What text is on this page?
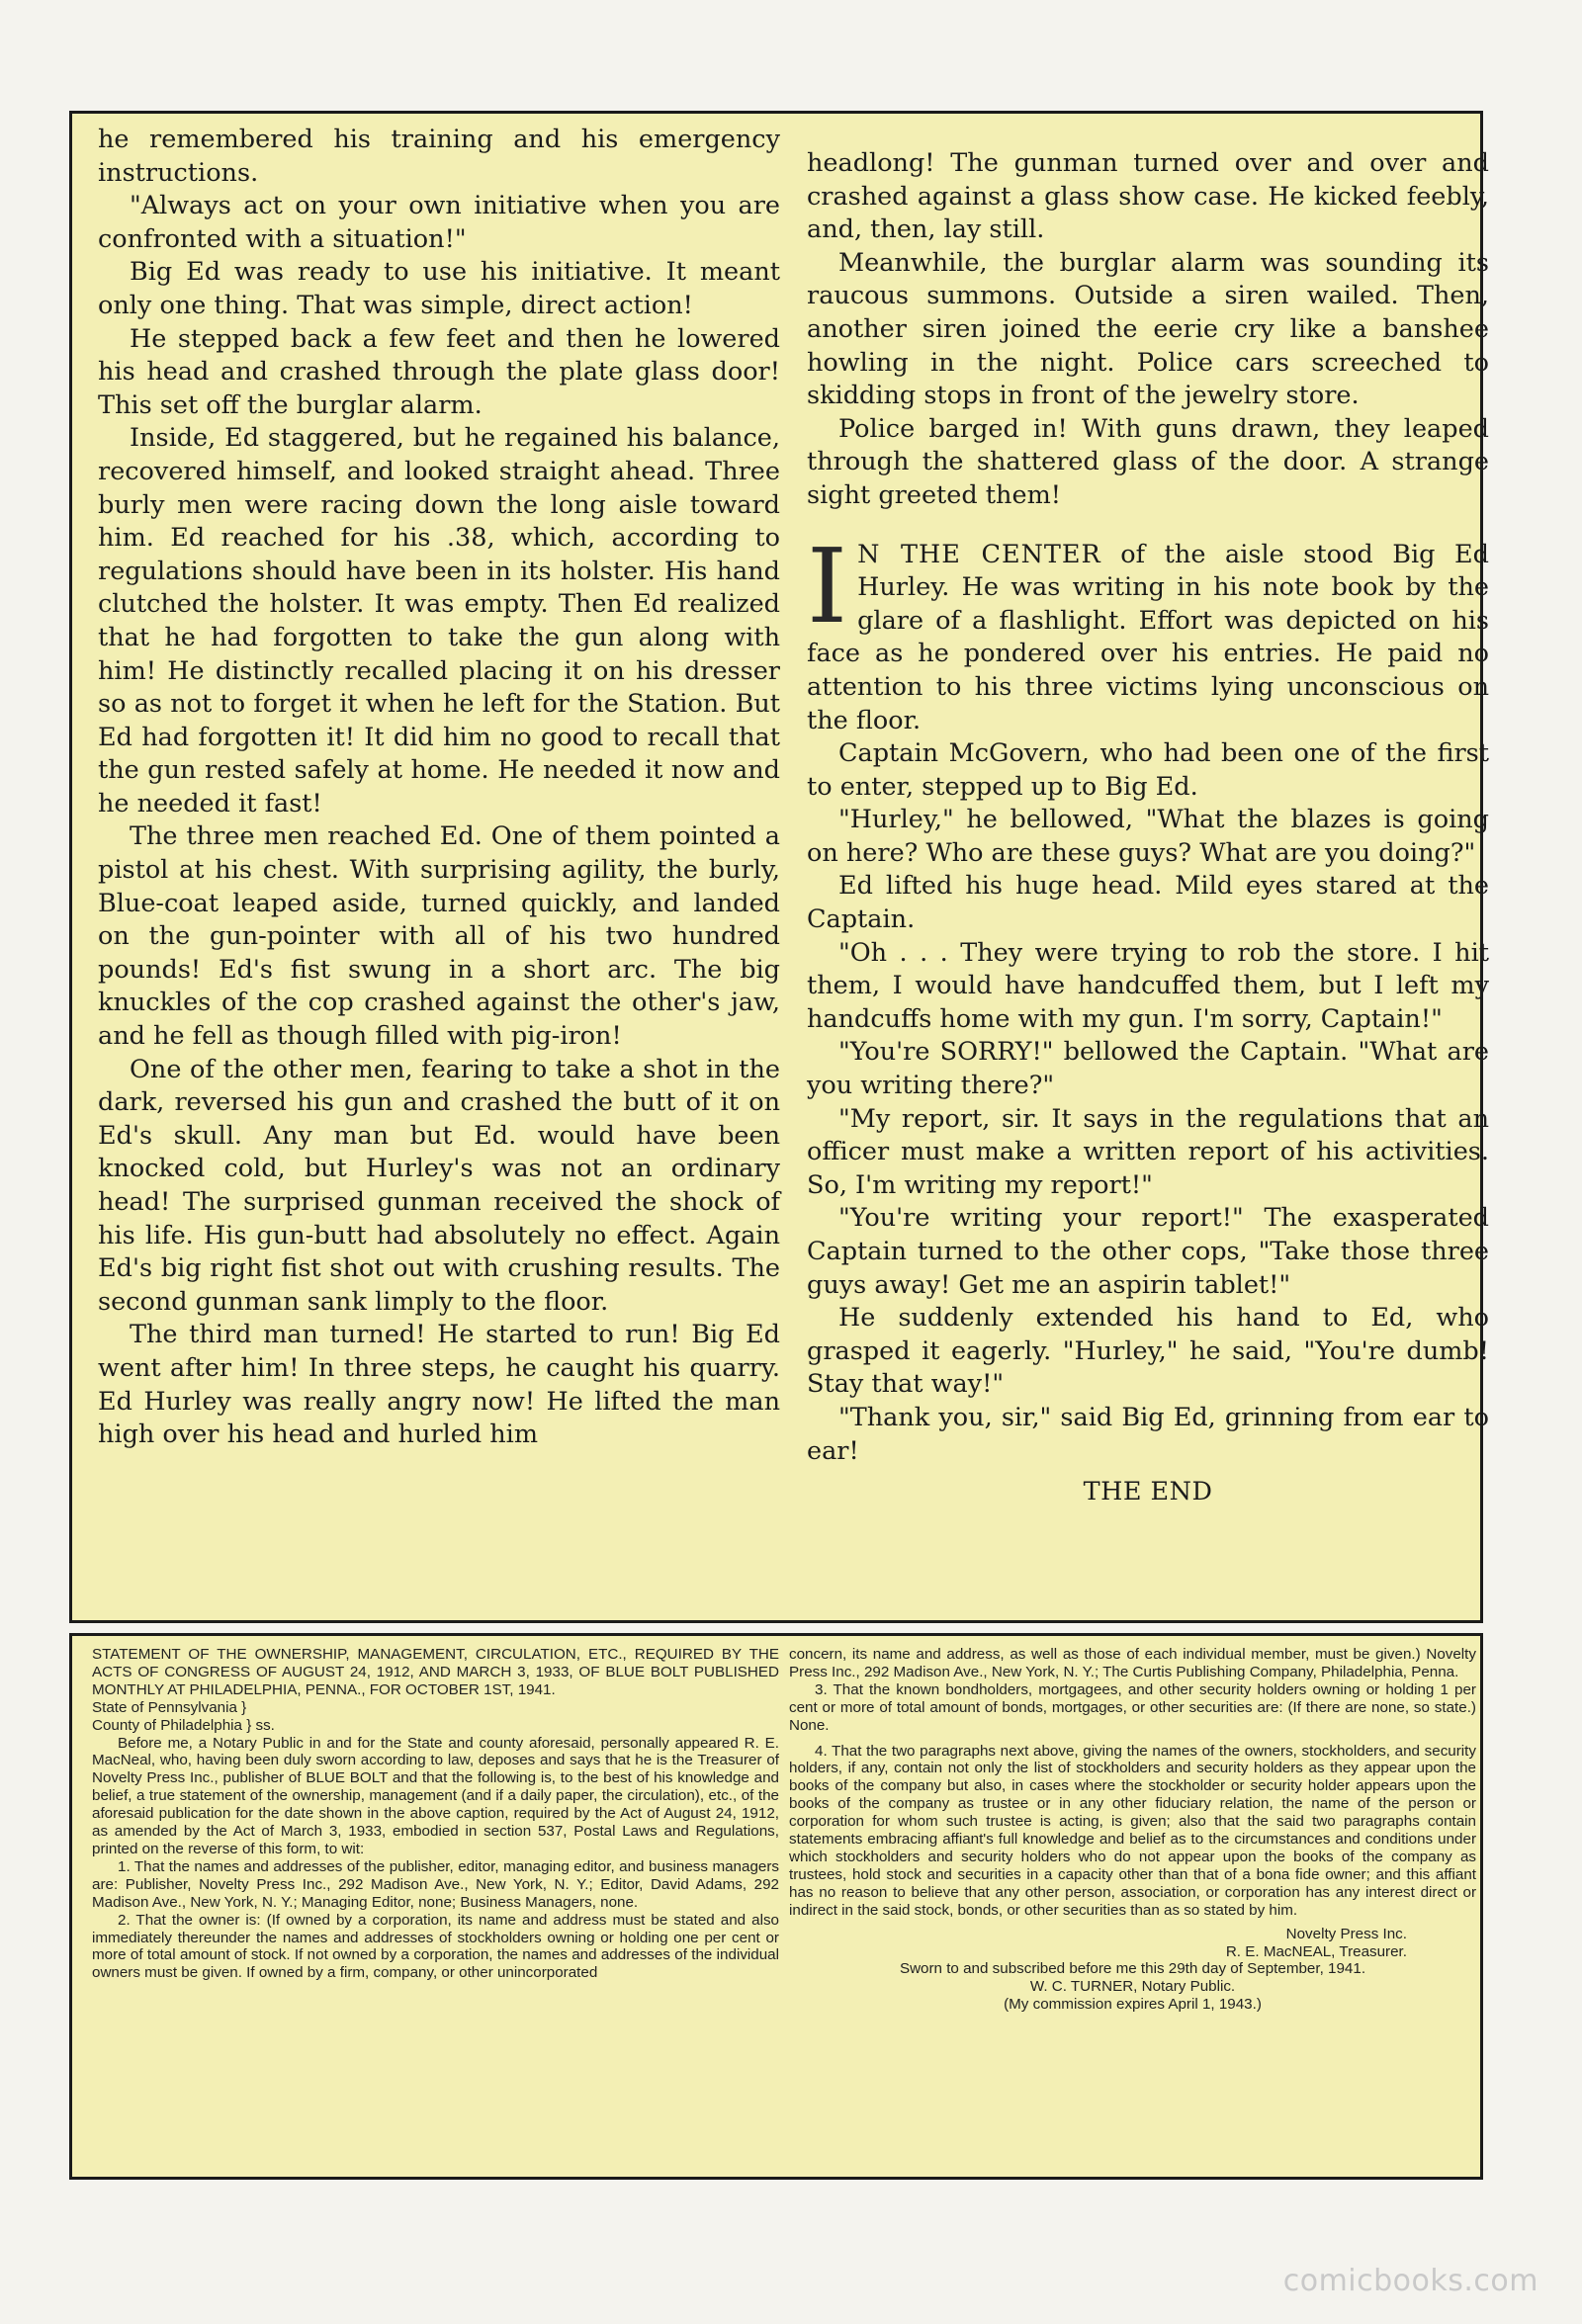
he remembered his training and his emergency instructions.

"Always act on your own initiative when you are confronted with a situation!"

Big Ed was ready to use his initiative. It meant only one thing. That was simple, direct action!

He stepped back a few feet and then he lowered his head and crashed through the plate glass door! This set off the burglar alarm.

Inside, Ed staggered, but he regained his balance, recovered himself, and looked straight ahead. Three burly men were racing down the long aisle toward him. Ed reached for his .38, which, according to regulations should have been in its holster. His hand clutched the holster. It was empty. Then Ed realized that he had forgotten to take the gun along with him! He distinctly recalled placing it on his dresser so as not to forget it when he left for the Station. But Ed had forgotten it! It did him no good to recall that the gun rested safely at home. He needed it now and he needed it fast!

The three men reached Ed. One of them pointed a pistol at his chest. With surprising agility, the burly, Blue-coat leaped aside, turned quickly, and landed on the gun-pointer with all of his two hundred pounds! Ed's fist swung in a short arc. The big knuckles of the cop crashed against the other's jaw, and he fell as though filled with pig-iron!

One of the other men, fearing to take a shot in the dark, reversed his gun and crashed the butt of it on Ed's skull. Any man but Ed. would have been knocked cold, but Hurley's was not an ordinary head! The surprised gunman received the shock of his life. His gun-butt had absolutely no effect. Again Ed's big right fist shot out with crushing results. The second gunman sank limply to the floor.

The third man turned! He started to run! Big Ed went after him! In three steps, he caught his quarry. Ed Hurley was really angry now! He lifted the man high over his head and hurled him

headlong! The gunman turned over and over and crashed against a glass show case. He kicked feebly, and, then, lay still.

Meanwhile, the burglar alarm was sounding its raucous summons. Outside a siren wailed. Then, another siren joined the eerie cry like a banshee howling in the night. Police cars screeched to skidding stops in front of the jewelry store.

Police barged in! With guns drawn, they leaped through the shattered glass of the door. A strange sight greeted them!

I N THE CENTER of the aisle stood Big Ed Hurley. He was writing in his note book by the glare of a flashlight. Effort was depicted on his face as he pondered over his entries. He paid no attention to his three victims lying unconscious on the floor.

Captain McGovern, who had been one of the first to enter, stepped up to Big Ed.

"Hurley," he bellowed, "What the blazes is going on here? Who are these guys? What are you doing?"

Ed lifted his huge head. Mild eyes stared at the Captain.

"Oh . . . They were trying to rob the store. I hit them, I would have handcuffed them, but I left my handcuffs home with my gun. I'm sorry, Captain!"

"You're SORRY!" bellowed the Captain. "What are you writing there?"

"My report, sir. It says in the regulations that an officer must make a written report of his activities. So, I'm writing my report!"

"You're writing your report!" The exasperated Captain turned to the other cops, "Take those three guys away! Get me an aspirin tablet!"

He suddenly extended his hand to Ed, who grasped it eagerly. "Hurley," he said, "You're dumb! Stay that way!"

"Thank you, sir," said Big Ed, grinning from ear to ear!

THE END

STATEMENT OF THE OWNERSHIP, MANAGEMENT, CIRCULATION, ETC., REQUIRED BY THE ACTS OF CONGRESS OF AUGUST 24, 1912, AND MARCH 3, 1933, OF BLUE BOLT PUBLISHED MONTHLY AT PHILADELPHIA, PENNA., FOR OCTOBER 1ST, 1941.

State of Pennsylvania }

County of Philadelphia } ss.

Before me, a Notary Public in and for the State and county aforesaid, personally appeared R. E. MacNeal, who, having been duly sworn according to law, deposes and says that he is the Treasurer of Novelty Press Inc., publisher of BLUE BOLT and that the following is, to the best of his knowledge and belief, a true statement of the ownership, management (and if a daily paper, the circulation), etc., of the aforesaid publication for the date shown in the above caption, required by the Act of August 24, 1912, as amended by the Act of March 3, 1933, embodied in section 537, Postal Laws and Regulations, printed on the reverse of this form, to wit:

1. That the names and addresses of the publisher, editor, managing editor, and business managers are: Publisher, Novelty Press Inc., 292 Madison Ave., New York, N. Y.; Editor, David Adams, 292 Madison Ave., New York, N. Y.; Managing Editor, none; Business Managers, none.

2. That the owner is: (If owned by a corporation, its name and address must be stated and also immediately thereunder the names and addresses of stockholders owning or holding one per cent or more of total amount of stock. If not owned by a corporation, the names and addresses of the individual owners must be given. If owned by a firm, company, or other unincorporated

concern, its name and address, as well as those of each individual member, must be given.) Novelty Press Inc., 292 Madison Ave., New York, N. Y.; The Curtis Publishing Company, Philadelphia, Penna.

3. That the known bondholders, mortgagees, and other security holders owning or holding 1 per cent or more of total amount of bonds, mortgages, or other securities are: (If there are none, so state.) None.

4. That the two paragraphs next above, giving the names of the owners, stockholders, and security holders, if any, contain not only the list of stockholders and security holders as they appear upon the books of the company but also, in cases where the stockholder or security holder appears upon the books of the company as trustee or in any other fiduciary relation, the name of the person or corporation for whom such trustee is acting, is given; also that the said two paragraphs contain statements embracing affiant's full knowledge and belief as to the circumstances and conditions under which stockholders and security holders who do not appear upon the books of the company as trustees, hold stock and securities in a capacity other than that of a bona fide owner; and this affiant has no reason to believe that any other person, association, or corporation has any interest direct or indirect in the said stock, bonds, or other securities than as so stated by him.

Novelty Press Inc.

R. E. MacNEAL, Treasurer.

Sworn to and subscribed before me this 29th day of September, 1941.

W. C. TURNER, Notary Public.

(My commission expires April 1, 1943.)

comicbooks.com
